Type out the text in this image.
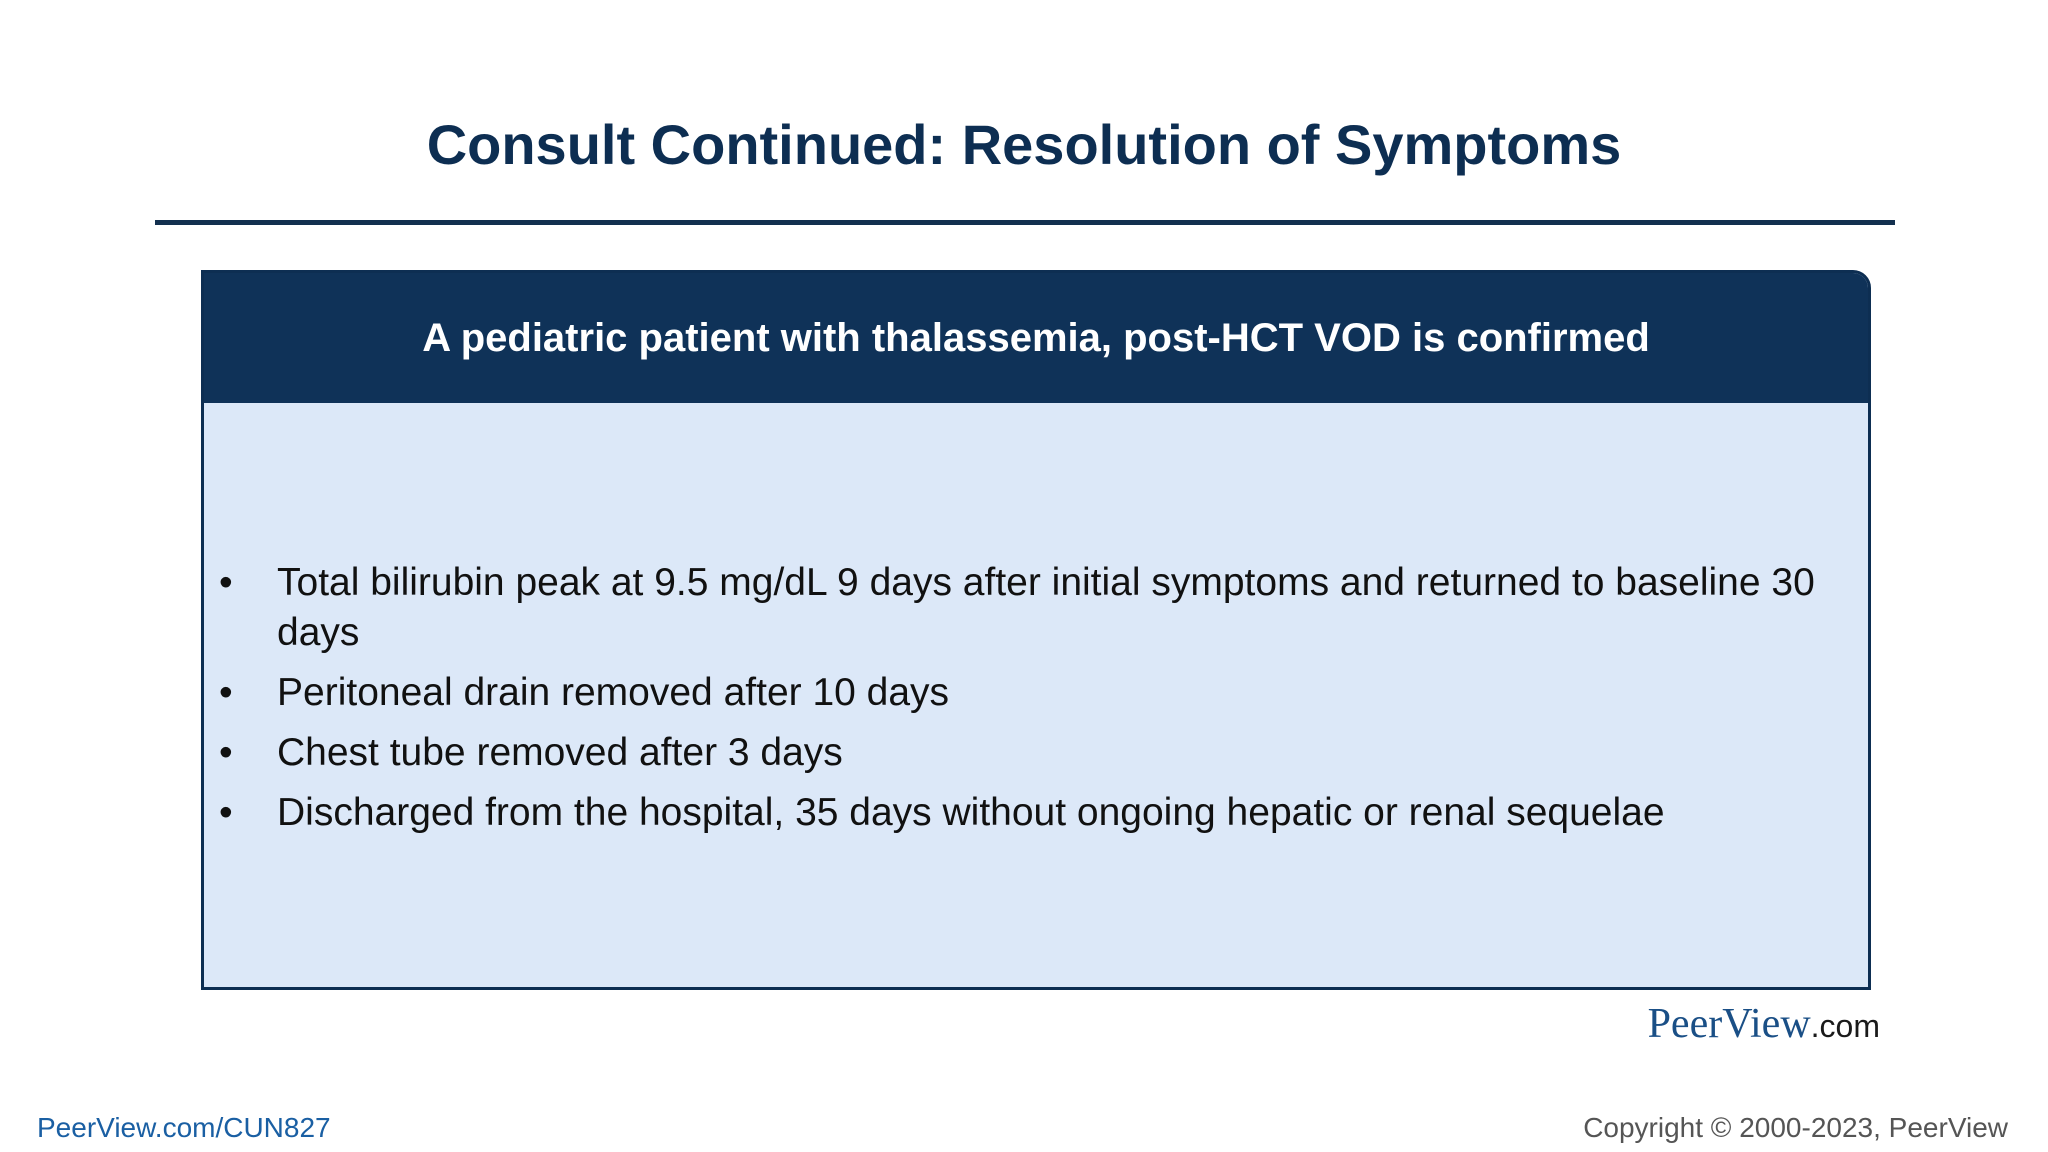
Consult Continued: Resolution of Symptoms
A pediatric patient with thalassemia, post-HCT VOD is confirmed
• Total bilirubin peak at 9.5 mg/dL 9 days after initial symptoms and returned to baseline 30 days
• Peritoneal drain removed after 10 days
• Chest tube removed after 3 days
• Discharged from the hospital, 35 days without ongoing hepatic or renal sequelae
PeerView.com
PeerView.com/CUN827	Copyright © 2000-2023, PeerView
